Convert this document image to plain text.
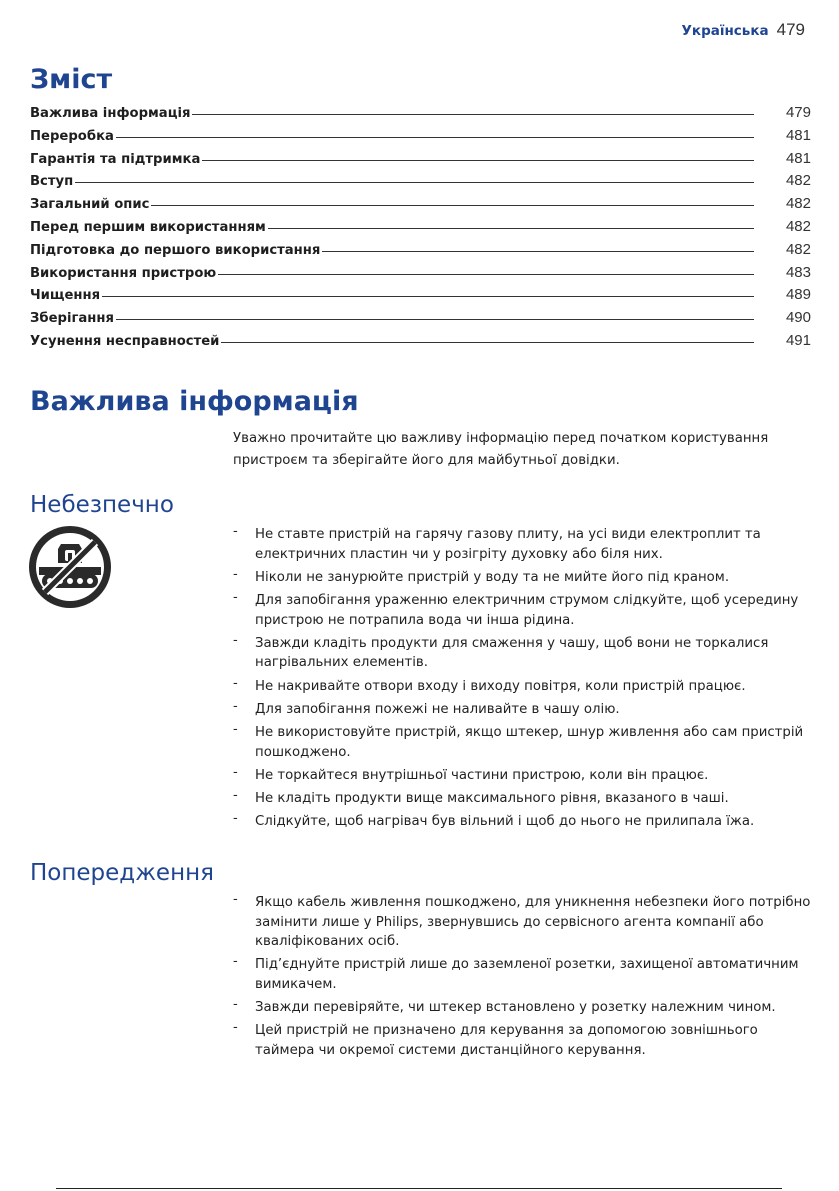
Українська 479
Зміст
Важлива інформація	479
Переробка	481
Гарантія та підтримка	481
Вступ	482
Загальний опис	482
Перед першим використанням	482
Підготовка до першого використання	482
Використання пристрою	483
Чищення	489
Зберігання	490
Усунення несправностей	491
Важлива інформація
Уважно прочитайте цю важливу інформацію перед початком користування пристроєм та зберігайте його для майбутньої довідки.
Небезпечно
- Не ставте пристрій на гарячу газову плиту, на усі види електроплит та електричних пластин чи у розігріту духовку або біля них.
- Ніколи не занурюйте пристрій у воду та не мийте його під краном.
- Для запобігання ураженню електричним струмом слідкуйте, щоб усередину пристрою не потрапила вода чи інша рідина.
- Завжди кладіть продукти для смаження у чашу, щоб вони не торкалися нагрівальних елементів.
- Не накривайте отвори входу і виходу повітря, коли пристрій працює.
- Для запобігання пожежі не наливайте в чашу олію.
- Не використовуйте пристрій, якщо штекер, шнур живлення або сам пристрій пошкоджено.
- Не торкайтеся внутрішньої частини пристрою, коли він працює.
- Не кладіть продукти вище максимального рівня, вказаного в чаші.
- Слідкуйте, щоб нагрівач був вільний і щоб до нього не прилипала їжа.
Попередження
- Якщо кабель живлення пошкоджено, для уникнення небезпеки його потрібно замінити лише у Philips, звернувшись до сервісного агента компанії або кваліфікованих осіб.
- Під’єднуйте пристрій лише до заземленої розетки, захищеної автоматичним вимикачем.
- Завжди перевіряйте, чи штекер встановлено у розетку належним чином.
- Цей пристрій не призначено для керування за допомогою зовнішнього таймера чи окремої системи дистанційного керування.
